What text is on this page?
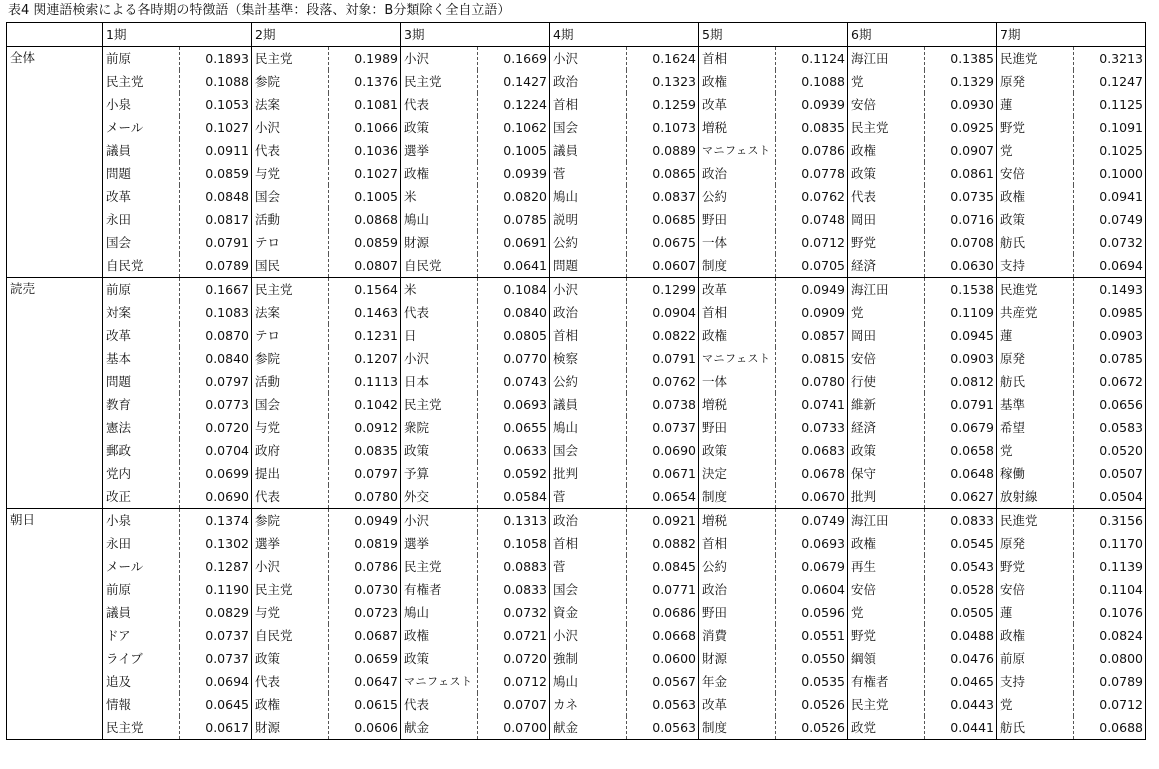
表4 関連語検索による各時期の特徴語（集計基準：段落、対象：B分類除く全自立語）
	1期		2期		3期		4期		5期		6期		7期	
全体	前原	0.1893	民主党	0.1989	小沢	0.1669	小沢	0.1624	首相	0.1124	海江田	0.1385	民進党	0.3213
	民主党	0.1088	参院	0.1376	民主党	0.1427	政治	0.1323	政権	0.1088	党	0.1329	原発	0.1247
	小泉	0.1053	法案	0.1081	代表	0.1224	首相	0.1259	改革	0.0939	安倍	0.0930	蓮	0.1125
	メール	0.1027	小沢	0.1066	政策	0.1062	国会	0.1073	増税	0.0835	民主党	0.0925	野党	0.1091
	議員	0.0911	代表	0.1036	選挙	0.1005	議員	0.0889	マニフェスト	0.0786	政権	0.0907	党	0.1025
	問題	0.0859	与党	0.1027	政権	0.0939	菅	0.0865	政治	0.0778	政策	0.0861	安倍	0.1000
	改革	0.0848	国会	0.1005	米	0.0820	鳩山	0.0837	公約	0.0762	代表	0.0735	政権	0.0941
	永田	0.0817	活動	0.0868	鳩山	0.0785	説明	0.0685	野田	0.0748	岡田	0.0716	政策	0.0749
	国会	0.0791	テロ	0.0859	財源	0.0691	公約	0.0675	一体	0.0712	野党	0.0708	舫氏	0.0732
	自民党	0.0789	国民	0.0807	自民党	0.0641	問題	0.0607	制度	0.0705	経済	0.0630	支持	0.0694
読売	前原	0.1667	民主党	0.1564	米	0.1084	小沢	0.1299	改革	0.0949	海江田	0.1538	民進党	0.1493
	対案	0.1083	法案	0.1463	代表	0.0840	政治	0.0904	首相	0.0909	党	0.1109	共産党	0.0985
	改革	0.0870	テロ	0.1231	日	0.0805	首相	0.0822	政権	0.0857	岡田	0.0945	蓮	0.0903
	基本	0.0840	参院	0.1207	小沢	0.0770	検察	0.0791	マニフェスト	0.0815	安倍	0.0903	原発	0.0785
	問題	0.0797	活動	0.1113	日本	0.0743	公約	0.0762	一体	0.0780	行使	0.0812	舫氏	0.0672
	教育	0.0773	国会	0.1042	民主党	0.0693	議員	0.0738	増税	0.0741	維新	0.0791	基準	0.0656
	憲法	0.0720	与党	0.0912	衆院	0.0655	鳩山	0.0737	野田	0.0733	経済	0.0679	希望	0.0583
	郵政	0.0704	政府	0.0835	政策	0.0633	国会	0.0690	政策	0.0683	政策	0.0658	党	0.0520
	党内	0.0699	提出	0.0797	予算	0.0592	批判	0.0671	決定	0.0678	保守	0.0648	稼働	0.0507
	改正	0.0690	代表	0.0780	外交	0.0584	菅	0.0654	制度	0.0670	批判	0.0627	放射線	0.0504
朝日	小泉	0.1374	参院	0.0949	小沢	0.1313	政治	0.0921	増税	0.0749	海江田	0.0833	民進党	0.3156
	永田	0.1302	選挙	0.0819	選挙	0.1058	首相	0.0882	首相	0.0693	政権	0.0545	原発	0.1170
	メール	0.1287	小沢	0.0786	民主党	0.0883	菅	0.0845	公約	0.0679	再生	0.0543	野党	0.1139
	前原	0.1190	民主党	0.0730	有権者	0.0833	国会	0.0771	政治	0.0604	安倍	0.0528	安倍	0.1104
	議員	0.0829	与党	0.0723	鳩山	0.0732	資金	0.0686	野田	0.0596	党	0.0505	蓮	0.1076
	ドア	0.0737	自民党	0.0687	政権	0.0721	小沢	0.0668	消費	0.0551	野党	0.0488	政権	0.0824
	ライブ	0.0737	政策	0.0659	政策	0.0720	強制	0.0600	財源	0.0550	綱領	0.0476	前原	0.0800
	追及	0.0694	代表	0.0647	マニフェスト	0.0712	鳩山	0.0567	年金	0.0535	有権者	0.0465	支持	0.0789
	情報	0.0645	政権	0.0615	代表	0.0707	カネ	0.0563	改革	0.0526	民主党	0.0443	党	0.0712
	民主党	0.0617	財源	0.0606	献金	0.0700	献金	0.0563	制度	0.0526	政党	0.0441	舫氏	0.0688
